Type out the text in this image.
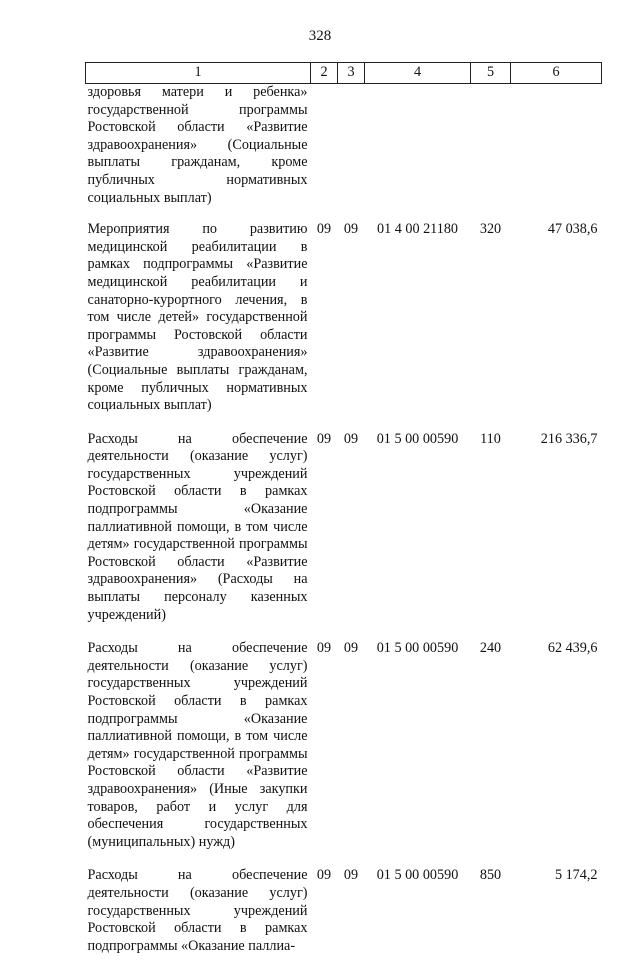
328
1	2	3	4	5	6
здоровья матери и ребенка» государственной программы Ростовской области «Развитие здравоохранения» (Социальные выплаты гражданам, кроме публичных нормативных социальных выплат)					
Мероприятия по развитию медицинской реабилитации в рамках подпрограммы «Развитие медицинской реабилитации и санаторно-курортного лечения, в том числе детей» государственной программы Ростовской области «Развитие здравоохранения» (Социальные выплаты гражданам, кроме публичных нормативных социальных выплат)	09	09	01 4 00 21180	320	47 038,6
Расходы на обеспечение деятельности (оказание услуг) государственных учреждений Ростовской области в рамках подпрограммы «Оказание паллиативной помощи, в том числе детям» государственной программы Ростовской области «Развитие здравоохранения» (Расходы на выплаты персоналу казенных учреждений)	09	09	01 5 00 00590	110	216 336,7
Расходы на обеспечение деятельности (оказание услуг) государственных учреждений Ростовской области в рамках подпрограммы «Оказание паллиативной помощи, в том числе детям» государственной программы Ростовской области «Развитие здравоохранения» (Иные закупки товаров, работ и услуг для обеспечения государственных (муниципальных) нужд)	09	09	01 5 00 00590	240	62 439,6
Расходы на обеспечение деятельности (оказание услуг) государственных учреждений Ростовской области в рамках подпрограммы «Оказание паллиа-	09	09	01 5 00 00590	850	5 174,2
